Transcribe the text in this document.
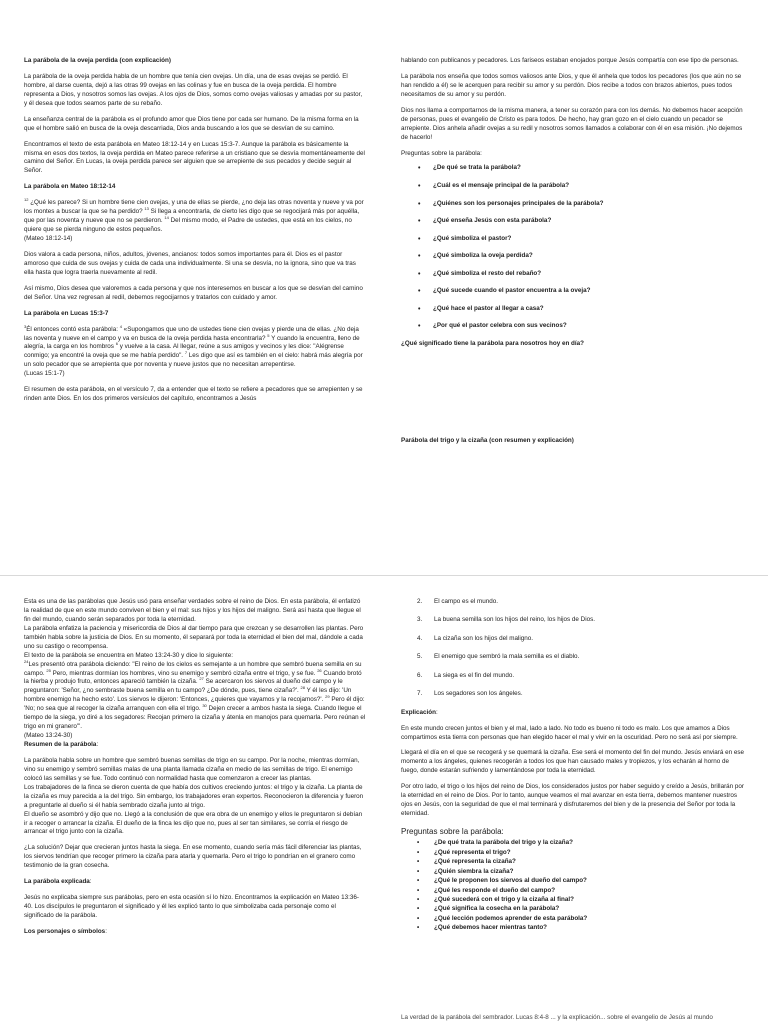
La parábola de la oveja perdida (con explicación)

La parábola de la oveja perdida habla de un hombre que tenía cien ovejas. Un día, una de esas ovejas se perdió. El hombre, al darse cuenta, dejó a las otras 99 ovejas en las colinas y fue en busca de la oveja perdida. El hombre representa a Dios, y nosotros somos las ovejas. A los ojos de Dios, somos como ovejas valiosas y amadas por su pastor, y él desea que todos seamos parte de su rebaño.

La enseñanza central de la parábola es el profundo amor que Dios tiene por cada ser humano. De la misma forma en la que el hombre salió en busca de la oveja descarriada, Dios anda buscando a los que se desvían de su camino.

Encontramos el texto de esta parábola en Mateo 18:12-14 y en Lucas 15:3-7. Aunque la parábola es básicamente la misma en esos dos textos, la oveja perdida en Mateo parece referirse a un cristiano que se desvía momentáneamente del camino del Señor. En Lucas, la oveja perdida parece ser alguien que se arrepiente de sus pecados y decide seguir al Señor.

La parábola en Mateo 18:12-14

$^{12}$ ¿Qué les parece? Si un hombre tiene cien ovejas, y una de ellas se pierde, ¿no deja las otras noventa y nueve y va por los montes a buscar la que se ha perdido? $^{13}$ Si llega a encontrarla, de cierto les digo que se regocijará más por aquélla, que por las noventa y nueve que no se perdieron. $^{14}$ Del mismo modo, el Padre de ustedes, que está en los cielos, no quiere que se pierda ninguno de estos pequeños.
(Mateo 18:12-14)

Dios valora a cada persona, niños, adultos, jóvenes, ancianos: todos somos importantes para él. Dios es el pastor amoroso que cuida de sus ovejas y cuida de cada una individualmente. Si una se desvía, no la ignora, sino que va tras ella hasta que logra traerla nuevamente al redil.

Así mismo, Dios desea que valoremos a cada persona y que nos interesemos en buscar a los que se desvían del camino del Señor. Una vez regresan al redil, debemos regocijarnos y tratarlos con cuidado y amor.

La parábola en Lucas 15:3-7

$^3$Él entonces contó esta parábola: $^4$ «Supongamos que uno de ustedes tiene cien ovejas y pierde una de ellas. ¿No deja las noventa y nueve en el campo y va en busca de la oveja perdida hasta encontrarla? $^5$ Y cuando la encuentra, lleno de alegría, la carga en los hombros $^6$ y vuelve a la casa. Al llegar, reúne a sus amigos y vecinos y les dice: "Alégrense conmigo; ya encontré la oveja que se me había perdido". $^7$ Les digo que así es también en el cielo: habrá más alegría por un solo pecador que se arrepienta que por noventa y nueve justos que no necesitan arrepentirse.
(Lucas 15:1-7)

El resumen de esta parábola, en el versículo 7, da a entender que el texto se refiere a pecadores que se arrepienten y se rinden ante Dios. En los dos primeros versículos del capítulo, encontramos a Jesús

hablando con publicanos y pecadores. Los fariseos estaban enojados porque Jesús compartía con ese tipo de personas.

La parábola nos enseña que todos somos valiosos ante Dios, y que él anhela que todos los pecadores (los que aún no se han rendido a él) se le acerquen para recibir su amor y su perdón. Dios recibe a todos con brazos abiertos, pues todos necesitamos de su amor y su perdón.

Dios nos llama a comportarnos de la misma manera, a tener su corazón para con los demás. No debemos hacer acepción de personas, pues el evangelio de Cristo es para todos. De hecho, hay gran gozo en el cielo cuando un pecador se arrepiente. Dios anhela añadir ovejas a su redil y nosotros somos llamados a colaborar con él en esa misión. ¡No dejemos de hacerlo!

Preguntas sobre la parábola:

• ¿De qué se trata la parábola?
• ¿Cuál es el mensaje principal de la parábola?
• ¿Quiénes son los personajes principales de la parábola?
• ¿Qué enseña Jesús con esta parábola?
• ¿Qué simboliza el pastor?
• ¿Qué simboliza la oveja perdida?
• ¿Qué simboliza el resto del rebaño?
• ¿Qué sucede cuando el pastor encuentra a la oveja?
• ¿Qué hace el pastor al llegar a casa?
• ¿Por qué el pastor celebra con sus vecinos?

¿Qué significado tiene la parábola para nosotros hoy en día?

Parábola del trigo y la cizaña (con resumen y explicación)

Esta es una de las parábolas que Jesús usó para enseñar verdades sobre el reino de Dios. En esta parábola, él enfatizó la realidad de que en este mundo conviven el bien y el mal: sus hijos y los hijos del maligno. Será así hasta que llegue el fin del mundo, cuando serán separados por toda la eternidad.

La parábola enfatiza la paciencia y misericordia de Dios al dar tiempo para que crezcan y se desarrollen las plantas. Pero también habla sobre la justicia de Dios. En su momento, él separará por toda la eternidad el bien del mal, dándole a cada uno su castigo o recompensa.

El texto de la parábola se encuentra en Mateo 13:24-30 y dice lo siguiente:

$^{24}$Les presentó otra parábola diciendo: "El reino de los cielos es semejante a un hombre que sembró buena semilla en su campo. $^{25}$ Pero, mientras dormían los hombres, vino su enemigo y sembró cizaña entre el trigo, y se fue. $^{26}$ Cuando brotó la hierba y produjo fruto, entonces apareció también la cizaña. $^{27}$ Se acercaron los siervos al dueño del campo y le preguntaron: 'Señor, ¿no sembraste buena semilla en tu campo? ¿De dónde, pues, tiene cizaña?'. $^{28}$ Y él les dijo: 'Un hombre enemigo ha hecho esto'. Los siervos le dijeron: 'Entonces, ¿quieres que vayamos y la recojamos?'. $^{29}$ Pero él dijo: 'No; no sea que al recoger la cizaña arranquen con ella el trigo. $^{30}$ Dejen crecer a ambos hasta la siega. Cuando llegue el tiempo de la siega, yo diré a los segadores: Recojan primero la cizaña y átenla en manojos para quemarla. Pero reúnan el trigo en mi granero'".

(Mateo 13:24-30)

Resumen de la parábola:

La parábola habla sobre un hombre que sembró buenas semillas de trigo en su campo. Por la noche, mientras dormían, vino su enemigo y sembró semillas malas de una planta llamada cizaña en medio de las semillas de trigo. El enemigo colocó las semillas y se fue. Todo continuó con normalidad hasta que comenzaron a crecer las plantas.

Los trabajadores de la finca se dieron cuenta de que había dos cultivos creciendo juntos: el trigo y la cizaña. La planta de la cizaña es muy parecida a la del trigo. Sin embargo, los trabajadores eran expertos. Reconocieron la diferencia y fueron a preguntarle al dueño si él había sembrado cizaña junto al trigo.

El dueño se asombró y dijo que no. Llegó a la conclusión de que era obra de un enemigo y ellos le preguntaron si debían ir a recoger o arrancar la cizaña. El dueño de la finca les dijo que no, pues al ser tan similares, se corría el riesgo de arrancar el trigo junto con la cizaña.

¿La solución? Dejar que crecieran juntos hasta la siega. En ese momento, cuando sería más fácil diferenciar las plantas, los siervos tendrían que recoger primero la cizaña para atarla y quemarla. Pero el trigo lo pondrían en el granero como testimonio de la gran cosecha.

La parábola explicada:

Jesús no explicaba siempre sus parábolas, pero en esta ocasión sí lo hizo. Encontramos la explicación en Mateo 13:36-40. Los discípulos le preguntaron el significado y él les explicó tanto lo que simbolizaba cada personaje como el significado de la parábola.

Los personajes o símbolos:

2. El campo es el mundo.
3. La buena semilla son los hijos del reino, los hijos de Dios.
4. La cizaña son los hijos del maligno.
5. El enemigo que sembró la mala semilla es el diablo.
6. La siega es el fin del mundo.
7. Los segadores son los ángeles.

Explicación:

En este mundo crecen juntos el bien y el mal, lado a lado. No todo es bueno ni todo es malo. Los que amamos a Dios compartimos esta tierra con personas que han elegido hacer el mal y vivir en la oscuridad. Pero no será así por siempre.

Llegará el día en el que se recogerá y se quemará la cizaña. Ese será el momento del fin del mundo. Jesús enviará en ese momento a los ángeles, quienes recogerán a todos los que han causado males y tropiezos, y los echarán al horno de fuego, donde estarán sufriendo y lamentándose por toda la eternidad.

Por otro lado, el trigo o los hijos del reino de Dios, los considerados justos por haber seguido y creído a Jesús, brillarán por la eternidad en el reino de Dios. Por lo tanto, aunque veamos el mal avanzar en esta tierra, debemos mantener nuestros ojos en Jesús, con la seguridad de que el mal terminará y disfrutaremos del bien y de la presencia del Señor por toda la eternidad.

Preguntas sobre la parábola:

• ¿De qué trata la parábola del trigo y la cizaña?
• ¿Qué representa el trigo?
• ¿Qué representa la cizaña?
• ¿Quién siembra la cizaña?
• ¿Qué le proponen los siervos al dueño del campo?
• ¿Qué les responde el dueño del campo?
• ¿Qué sucederá con el trigo y la cizaña al final?
• ¿Qué significa la cosecha en la parábola?
• ¿Qué lección podemos aprender de esta parábola?
• ¿Qué debemos hacer mientras tanto?
La verdad de la parábola del sembrador. Lucas 8:4-8 ... y la explicación... sobre el evangelio de Jesús al mundo
